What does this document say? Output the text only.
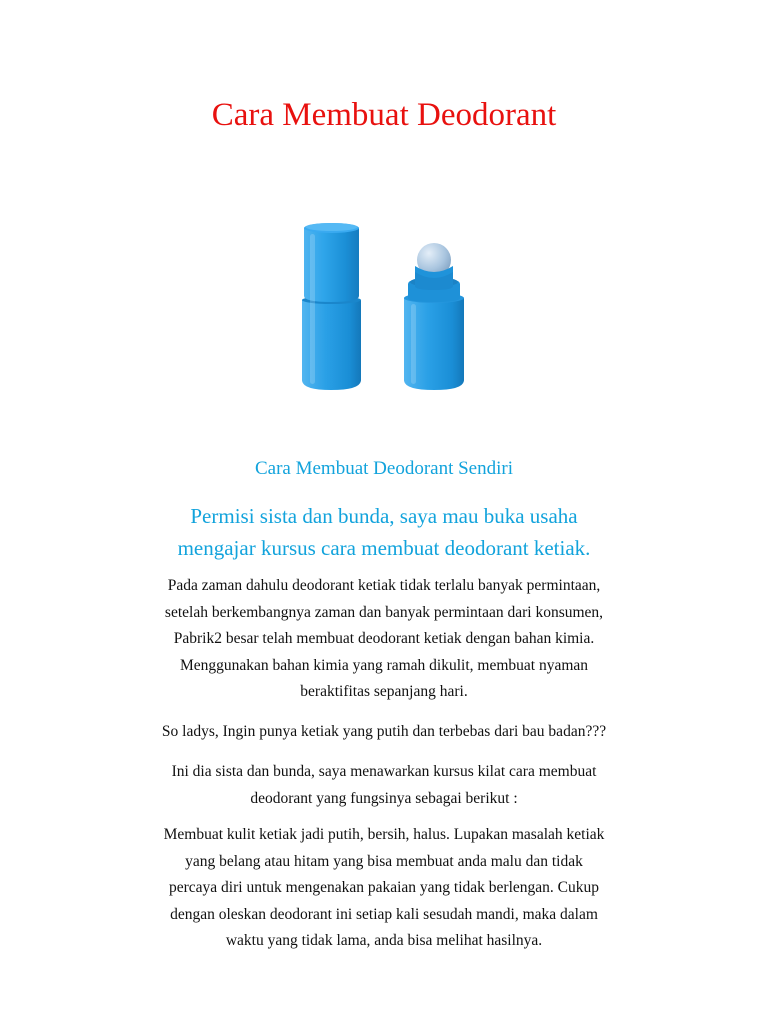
Cara Membuat Deodorant
Cara Membuat Deodorant Sendiri
Permisi sista dan bunda, saya mau buka usaha
mengajar kursus cara membuat deodorant ketiak.
Pada zaman dahulu deodorant ketiak tidak terlalu banyak permintaan,
setelah berkembangnya zaman dan banyak permintaan dari konsumen,
Pabrik2 besar telah membuat deodorant ketiak dengan bahan kimia.
Menggunakan bahan kimia yang ramah dikulit, membuat nyaman
beraktifitas sepanjang hari.
So ladys, Ingin punya ketiak yang putih dan terbebas dari bau badan???
Ini dia sista dan bunda, saya menawarkan kursus kilat cara membuat
deodorant yang fungsinya sebagai berikut :
Membuat kulit ketiak jadi putih, bersih, halus. Lupakan masalah ketiak
yang belang atau hitam yang bisa membuat anda malu dan tidak
percaya diri untuk mengenakan pakaian yang tidak berlengan. Cukup
dengan oleskan deodorant ini setiap kali sesudah mandi, maka dalam
waktu yang tidak lama, anda bisa melihat hasilnya.
